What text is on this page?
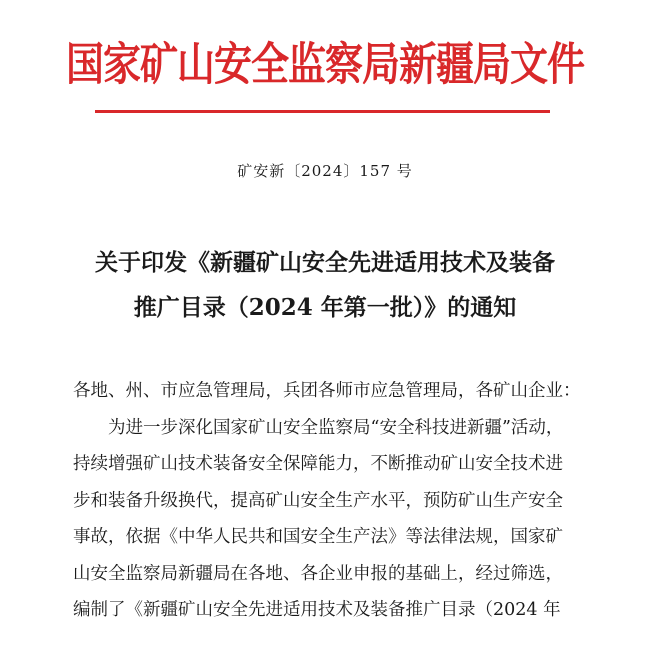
国家矿山安全监察局新疆局文件
矿安新〔2024〕157 号
关于印发《新疆矿山安全先进适用技术及装备
推广目录（2024 年第一批）》的通知

各地、州、市应急管理局，兵团各师市应急管理局，各矿山企业：

为进一步深化国家矿山安全监察局“安全科技进新疆”活动，
持续增强矿山技术装备安全保障能力，不断推动矿山安全技术进
步和装备升级换代，提高矿山安全生产水平，预防矿山生产安全
事故，依据《中华人民共和国安全生产法》等法律法规，国家矿
山安全监察局新疆局在各地、各企业申报的基础上，经过筛选，
编制了《新疆矿山安全先进适用技术及装备推广目录（2024 年
